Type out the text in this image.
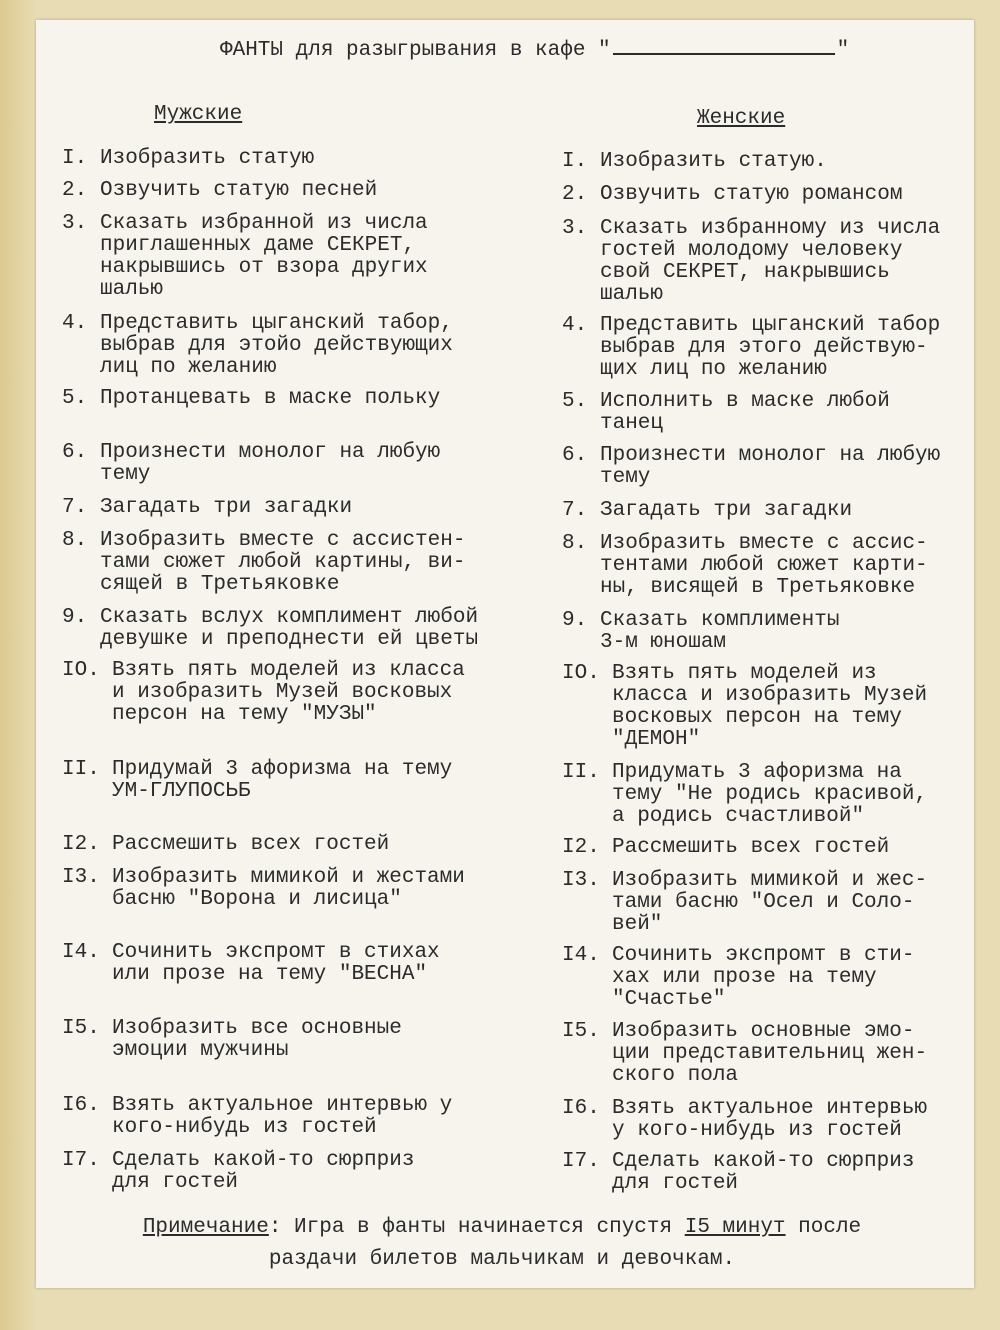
ФАНТЫ для разыгрывания в кафе "	"
Мужские	Женские
I. Изобразить статую
2. Озвучить статую песней
3. Сказать избранной из числа
приглашенных даме СЕКРЕТ,
накрывшись от взора других
шалью
4. Представить цыганский табор,
выбрав для этойо действующих
лиц по желанию
5. Протанцевать в маске польку
6. Произнести монолог на любую
тему
7. Загадать три загадки
8. Изобразить вместе с ассистен-
тами сюжет любой картины, ви-
сящей в Третьяковке
9. Сказать вслух комплимент любой
девушке и преподнести ей цветы
IO. Взять пять моделей из класса
и изобразить Музей восковых
персон на тему "МУЗЫ"
II. Придумай 3 афоризма на тему
УМ-ГЛУПОСЬБ
I2. Рассмешить всех гостей
I3. Изобразить мимикой и жестами
басню "Ворона и лисица"
I4. Сочинить экспромт в стихах
или прозе на тему "ВЕСНА"
I5. Изобразить все основные
эмоции мужчины
I6. Взять актуальное интервью у
кого-нибудь из гостей
I7. Сделать какой-то сюрприз
для гостей
I. Изобразить статую.
2. Озвучить статую романсом
3. Сказать избранному из числа
гостей молодому человеку
свой СЕКРЕТ, накрывшись
шалью
4. Представить цыганский табор
выбрав для этого действую-
щих лиц по желанию
5. Исполнить в маске любой
танец
6. Произнести монолог на любую
тему
7. Загадать три загадки
8. Изобразить вместе с ассис-
тентами любой сюжет карти-
ны, висящей в Третьяковке
9. Сказать комплименты
3-м юношам
IO. Взять пять моделей из
класса и изобразить Музей
восковых персон на тему
"ДЕМОН"
II. Придумать 3 афоризма на
тему "Не родись красивой,
а родись счастливой"
I2. Рассмешить всех гостей
I3. Изобразить мимикой и жес-
тами басню "Осел и Соло-
вей"
I4. Сочинить экспромт в сти-
хах или прозе на тему
"Счастье"
I5. Изобразить основные эмо-
ции представительниц жен-
ского пола
I6. Взять актуальное интервью
у кого-нибудь из гостей
I7. Сделать какой-то сюрприз
для гостей
Примечание: Игра в фанты начинается спустя I5 минут после
раздачи билетов мальчикам и девочкам.
